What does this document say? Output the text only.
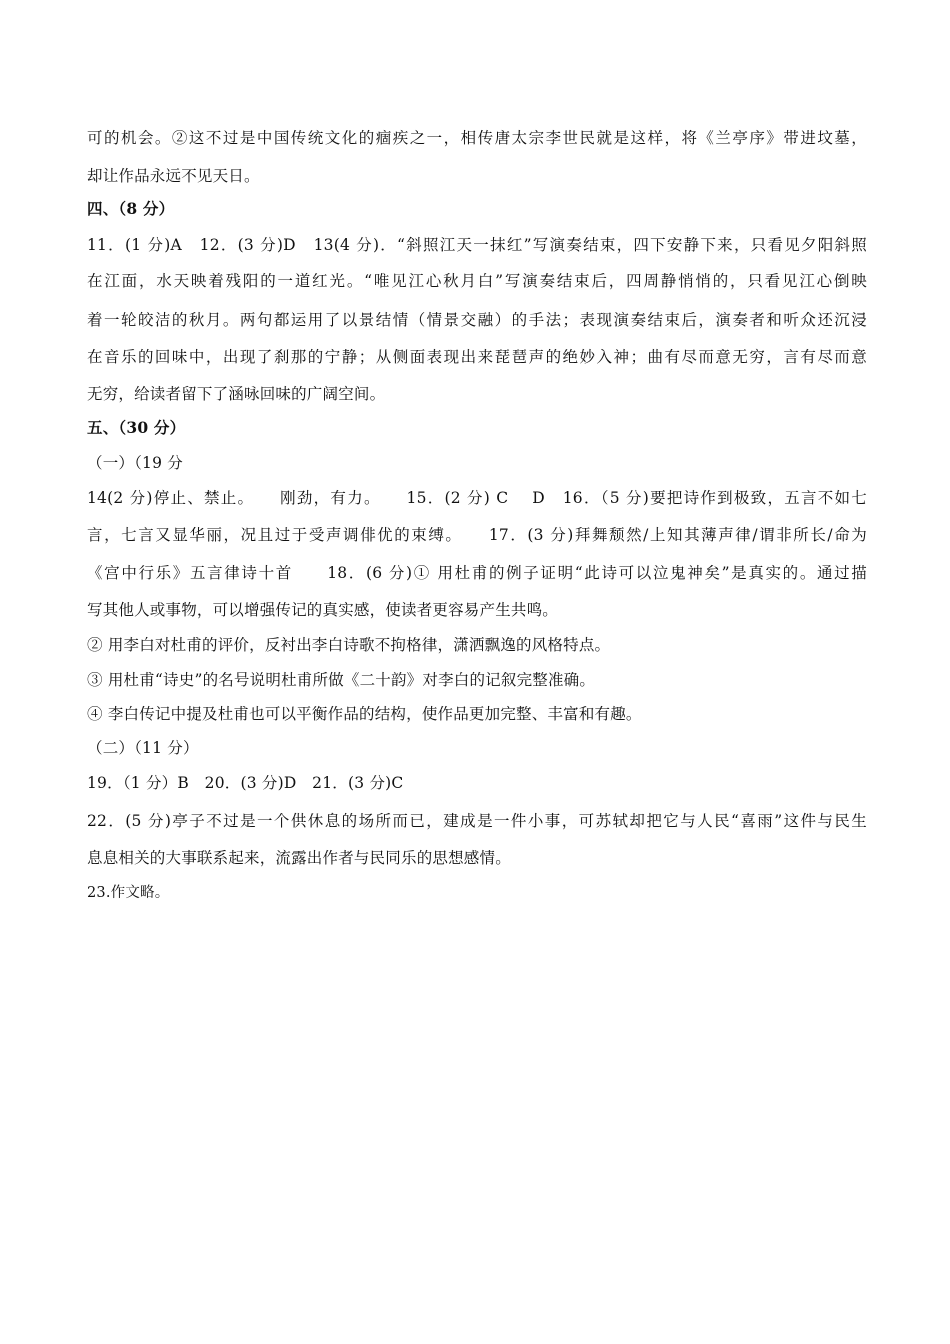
可的机会。②这不过是中国传统文化的痼疾之一，相传唐太宗李世民就是这样，将《兰亭序》带进坟墓，
却让作品永远不见天日。
四、（8 分）
11．(1 分)A　12．(3 分)D　13(4 分)．“斜照江天一抹红”写演奏结束，四下安静下来，只看见夕阳斜照
在江面，水天映着残阳的一道红光。“唯见江心秋月白”写演奏结束后，四周静悄悄的，只看见江心倒映
着一轮皎洁的秋月。两句都运用了以景结情（情景交融）的手法；表现演奏结束后，演奏者和听众还沉浸
在音乐的回味中，出现了刹那的宁静；从侧面表现出来琵琶声的绝妙入神；曲有尽而意无穷，言有尽而意
无穷，给读者留下了涵咏回味的广阔空间。
五、（30 分）
（一）（19 分
14(2 分)停止、禁止。　　刚劲，有力。　　15．(2 分) C　 D　16．（5 分)要把诗作到极致，五言不如七
言，七言又显华丽，况且过于受声调俳优的束缚。　　17．(3 分)拜舞颓然/上知其薄声律/谓非所长/命为
《宫中行乐》五言律诗十首　　18．(6 分)① 用杜甫的例子证明“此诗可以泣鬼神矣”是真实的。通过描
写其他人或事物，可以增强传记的真实感，使读者更容易产生共鸣。
② 用李白对杜甫的评价，反衬出李白诗歌不拘格律，潇洒飘逸的风格特点。
③ 用杜甫“诗史”的名号说明杜甫所做《二十韵》对李白的记叙完整准确。
④ 李白传记中提及杜甫也可以平衡作品的结构，使作品更加完整、丰富和有趣。
（二）（11 分）
19．（1 分）B　20．(3 分)D　21．(3 分)C
22．(5 分)亭子不过是一个供休息的场所而已，建成是一件小事，可苏轼却把它与人民“喜雨”这件与民生
息息相关的大事联系起来，流露出作者与民同乐的思想感情。
23.作文略。
